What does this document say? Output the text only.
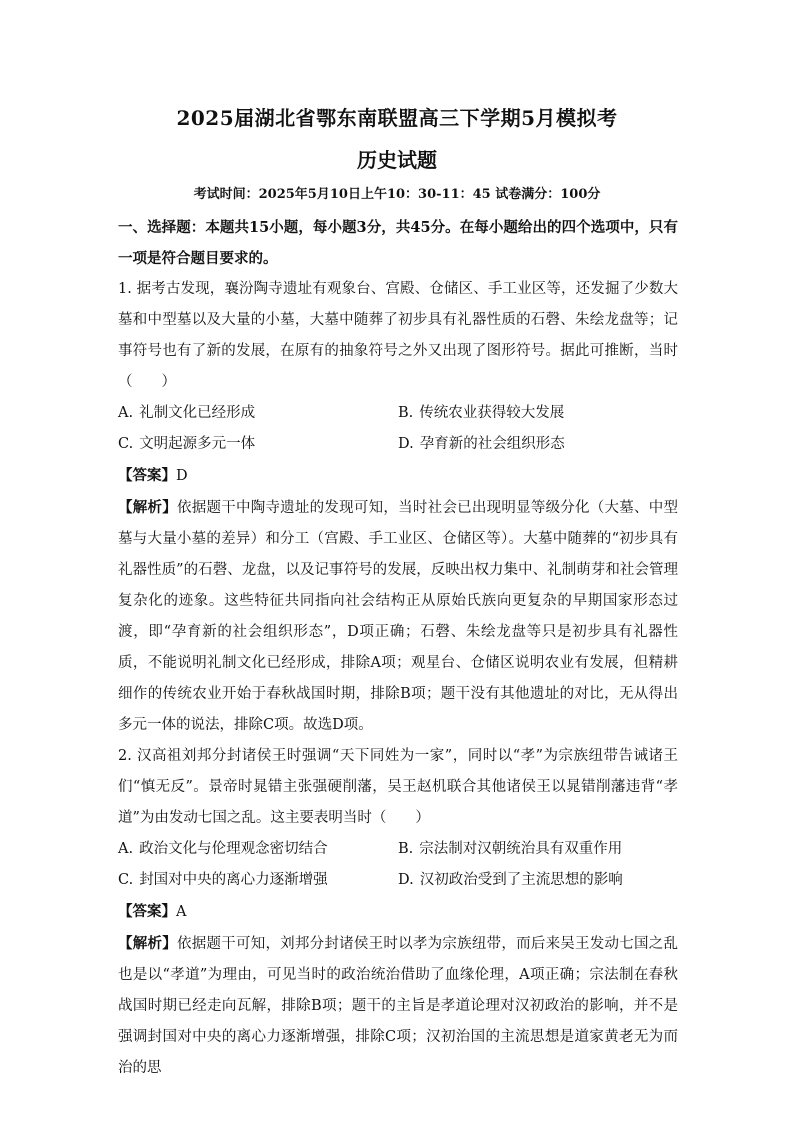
2025届湖北省鄂东南联盟高三下学期5月模拟考
历史试题
考试时间：2025年5月10日上午10：30-11：45 试卷满分：100分

一、选择题：本题共15小题，每小题3分，共45分。在每小题给出的四个选项中，只有一项是符合题目要求的。

1. 据考古发现，襄汾陶寺遗址有观象台、宫殿、仓储区、手工业区等，还发掘了少数大墓和中型墓以及大量的小墓，大墓中随葬了初步具有礼器性质的石磬、朱绘龙盘等；记事符号也有了新的发展，在原有的抽象符号之外又出现了图形符号。据此可推断，当时（　　）

A. 礼制文化已经形成	B. 传统农业获得较大发展
C. 文明起源多元一体	D. 孕育新的社会组织形态

【答案】D

【解析】依据题干中陶寺遗址的发现可知，当时社会已出现明显等级分化（大墓、中型墓与大量小墓的差异）和分工（宫殿、手工业区、仓储区等）。大墓中随葬的“初步具有礼器性质”的石磬、龙盘，以及记事符号的发展，反映出权力集中、礼制萌芽和社会管理复杂化的迹象。这些特征共同指向社会结构正从原始氏族向更复杂的早期国家形态过渡，即“孕育新的社会组织形态”，D项正确；石磬、朱绘龙盘等只是初步具有礼器性质，不能说明礼制文化已经形成，排除A项；观星台、仓储区说明农业有发展，但精耕细作的传统农业开始于春秋战国时期，排除B项；题干没有其他遗址的对比，无从得出多元一体的说法，排除C项。故选D项。

2. 汉高祖刘邦分封诸侯王时强调“天下同姓为一家”，同时以“孝”为宗族纽带告诫诸王们“慎无反”。景帝时晁错主张强硬削藩，吴王赵机联合其他诸侯王以晁错削藩违背“孝道”为由发动七国之乱。这主要表明当时（　　）

A. 政治文化与伦理观念密切结合	B. 宗法制对汉朝统治具有双重作用
C. 封国对中央的离心力逐渐增强	D. 汉初政治受到了主流思想的影响

【答案】A

【解析】依据题干可知，刘邦分封诸侯王时以孝为宗族纽带，而后来吴王发动七国之乱也是以“孝道”为理由，可见当时的政治统治借助了血缘伦理，A项正确；宗法制在春秋战国时期已经走向瓦解，排除B项；题干的主旨是孝道论理对汉初政治的影响，并不是强调封国对中央的离心力逐渐增强，排除C项；汉初治国的主流思想是道家黄老无为而治的思
